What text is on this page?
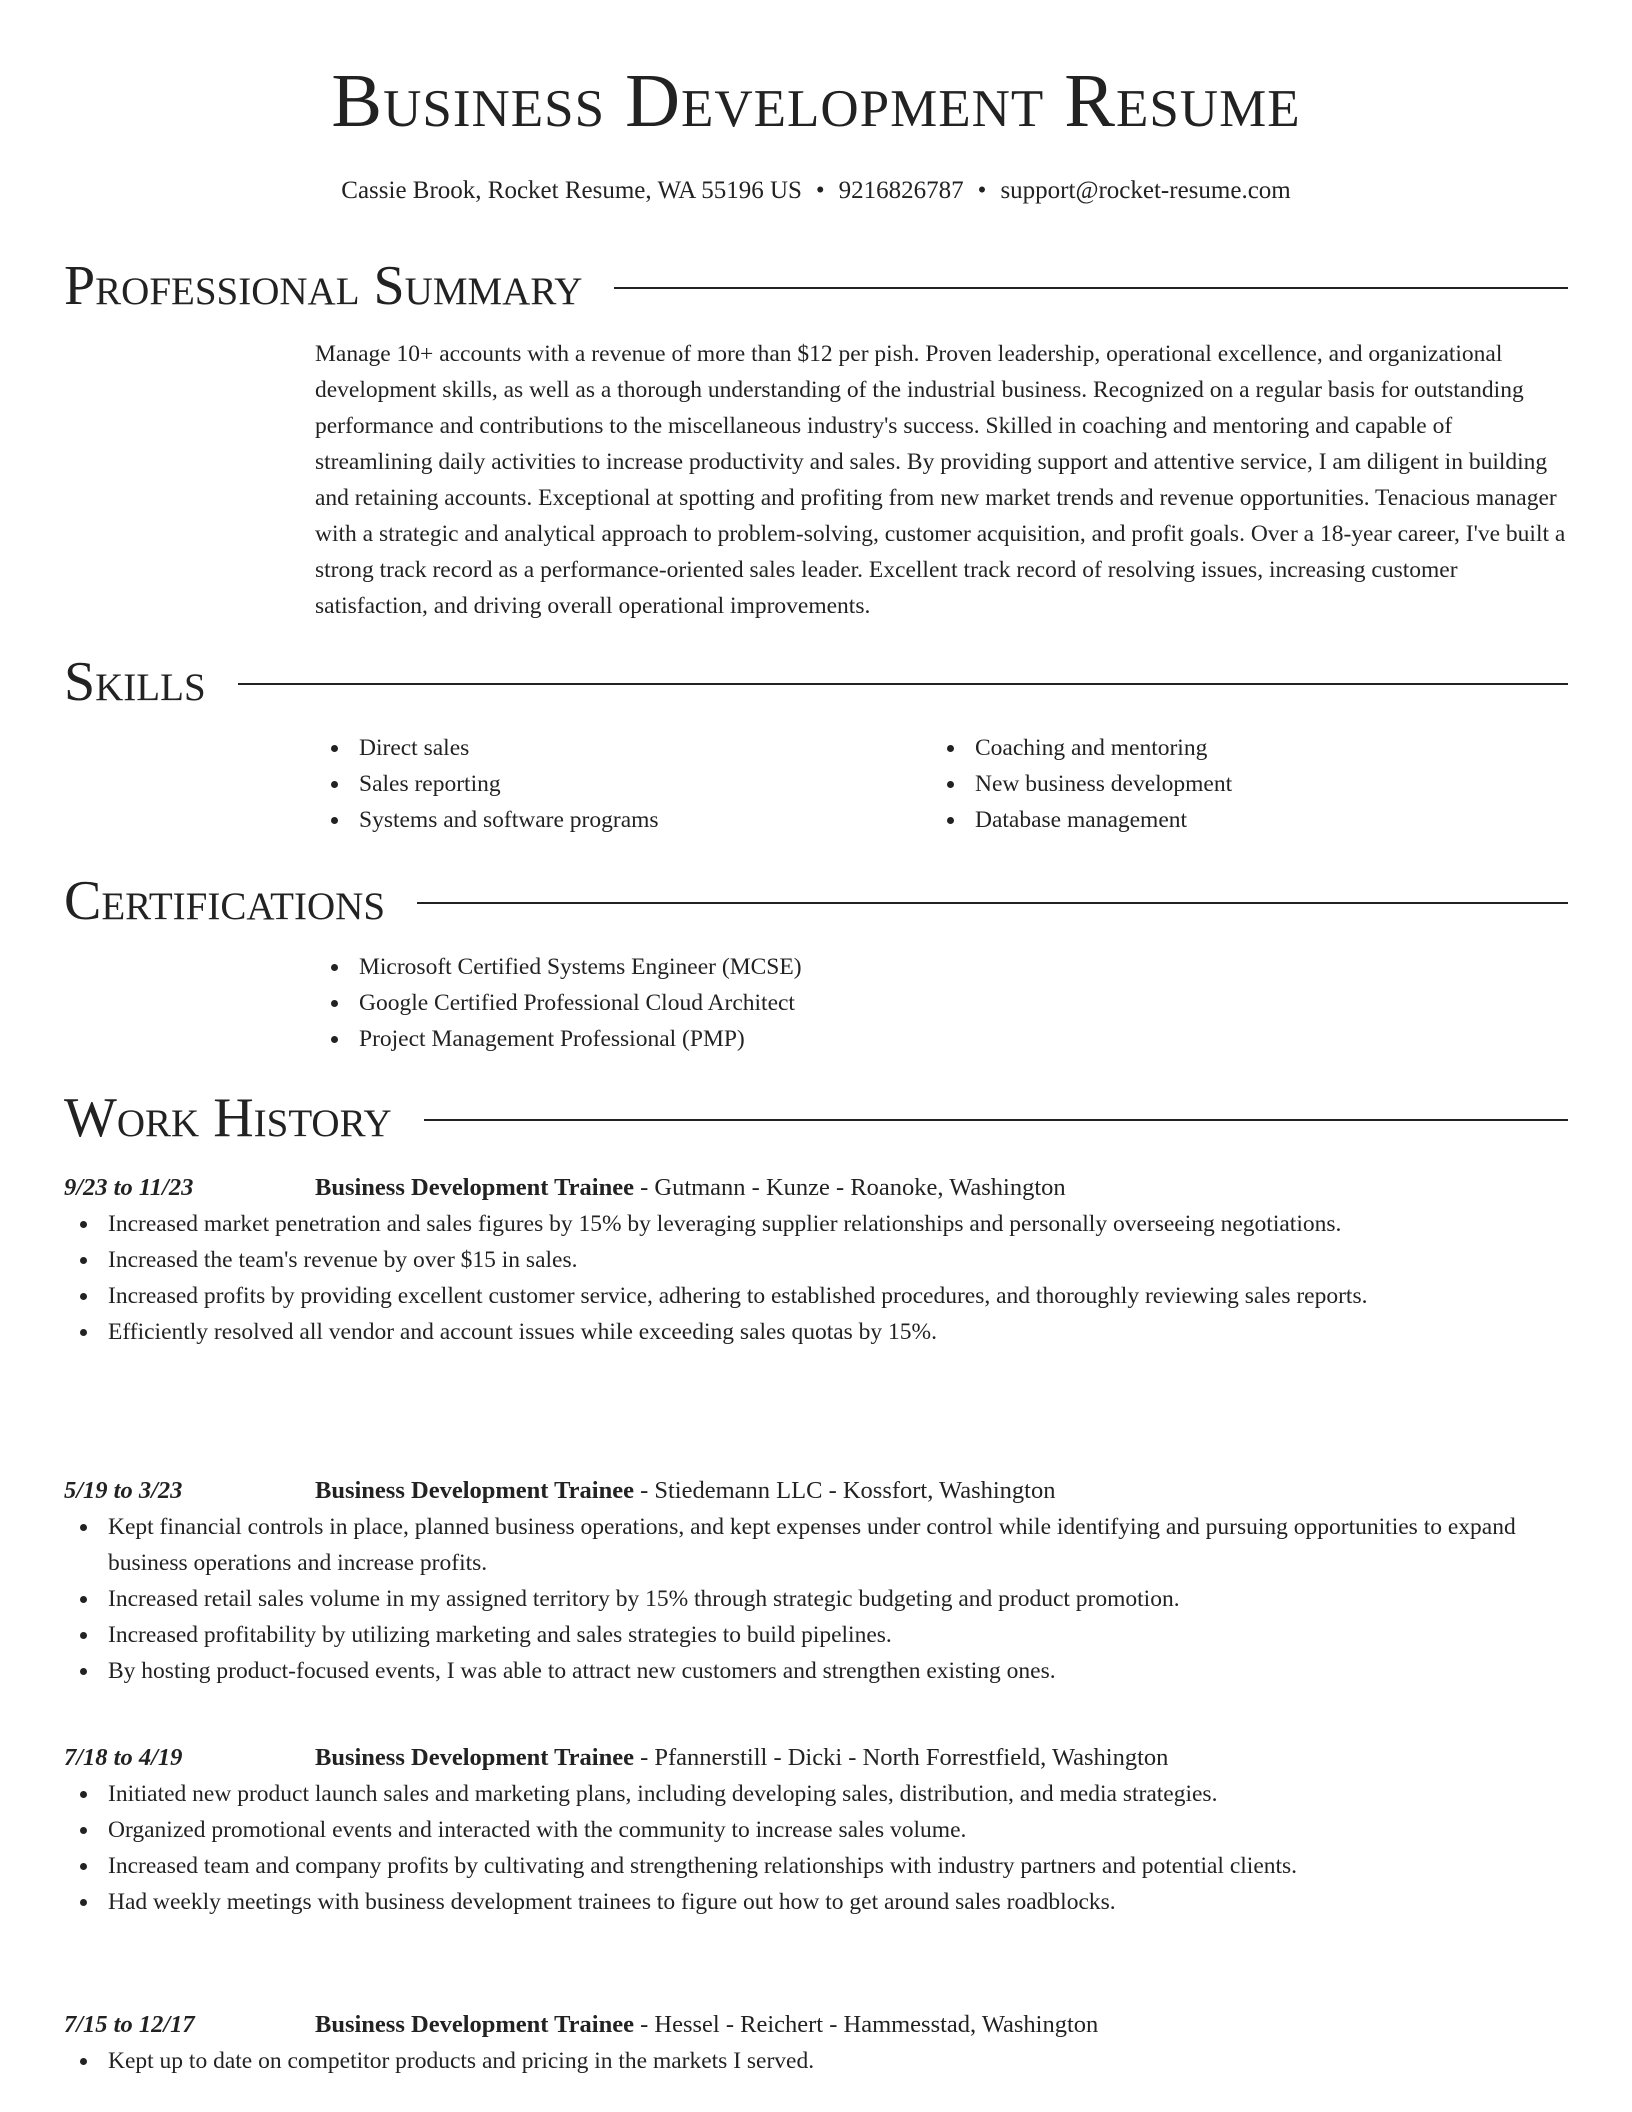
Business Development Resume
Cassie Brook, Rocket Resume, WA 55196 US • 9216826787 • support@rocket-resume.com
Professional Summary

Manage 10+ accounts with a revenue of more than $12 per pish. Proven leadership, operational excellence, and organizational development skills, as well as a thorough understanding of the industrial business. Recognized on a regular basis for outstanding performance and contributions to the miscellaneous industry's success. Skilled in coaching and mentoring and capable of streamlining daily activities to increase productivity and sales. By providing support and attentive service, I am diligent in building and retaining accounts. Exceptional at spotting and profiting from new market trends and revenue opportunities. Tenacious manager with a strategic and analytical approach to problem-solving, customer acquisition, and profit goals. Over a 18-year career, I've built a strong track record as a performance-oriented sales leader. Excellent track record of resolving issues, increasing customer satisfaction, and driving overall operational improvements.

Skills
Direct sales
Sales reporting
Systems and software programs
Coaching and mentoring
New business development
Database management
Certifications
Microsoft Certified Systems Engineer (MCSE)
Google Certified Professional Cloud Architect
Project Management Professional (PMP)
Work History
9/23 to 11/23	Business Development Trainee - Gutmann - Kunze - Roanoke, Washington
Increased market penetration and sales figures by 15% by leveraging supplier relationships and personally overseeing negotiations.
Increased the team's revenue by over $15 in sales.
Increased profits by providing excellent customer service, adhering to established procedures, and thoroughly reviewing sales reports.
Efficiently resolved all vendor and account issues while exceeding sales quotas by 15%.
5/19 to 3/23	Business Development Trainee - Stiedemann LLC - Kossfort, Washington
Kept financial controls in place, planned business operations, and kept expenses under control while identifying and pursuing opportunities to expand business operations and increase profits.
Increased retail sales volume in my assigned territory by 15% through strategic budgeting and product promotion.
Increased profitability by utilizing marketing and sales strategies to build pipelines.
By hosting product-focused events, I was able to attract new customers and strengthen existing ones.
7/18 to 4/19	Business Development Trainee - Pfannerstill - Dicki - North Forrestfield, Washington
Initiated new product launch sales and marketing plans, including developing sales, distribution, and media strategies.
Organized promotional events and interacted with the community to increase sales volume.
Increased team and company profits by cultivating and strengthening relationships with industry partners and potential clients.
Had weekly meetings with business development trainees to figure out how to get around sales roadblocks.
7/15 to 12/17	Business Development Trainee - Hessel - Reichert - Hammesstad, Washington
Kept up to date on competitor products and pricing in the markets I served.
